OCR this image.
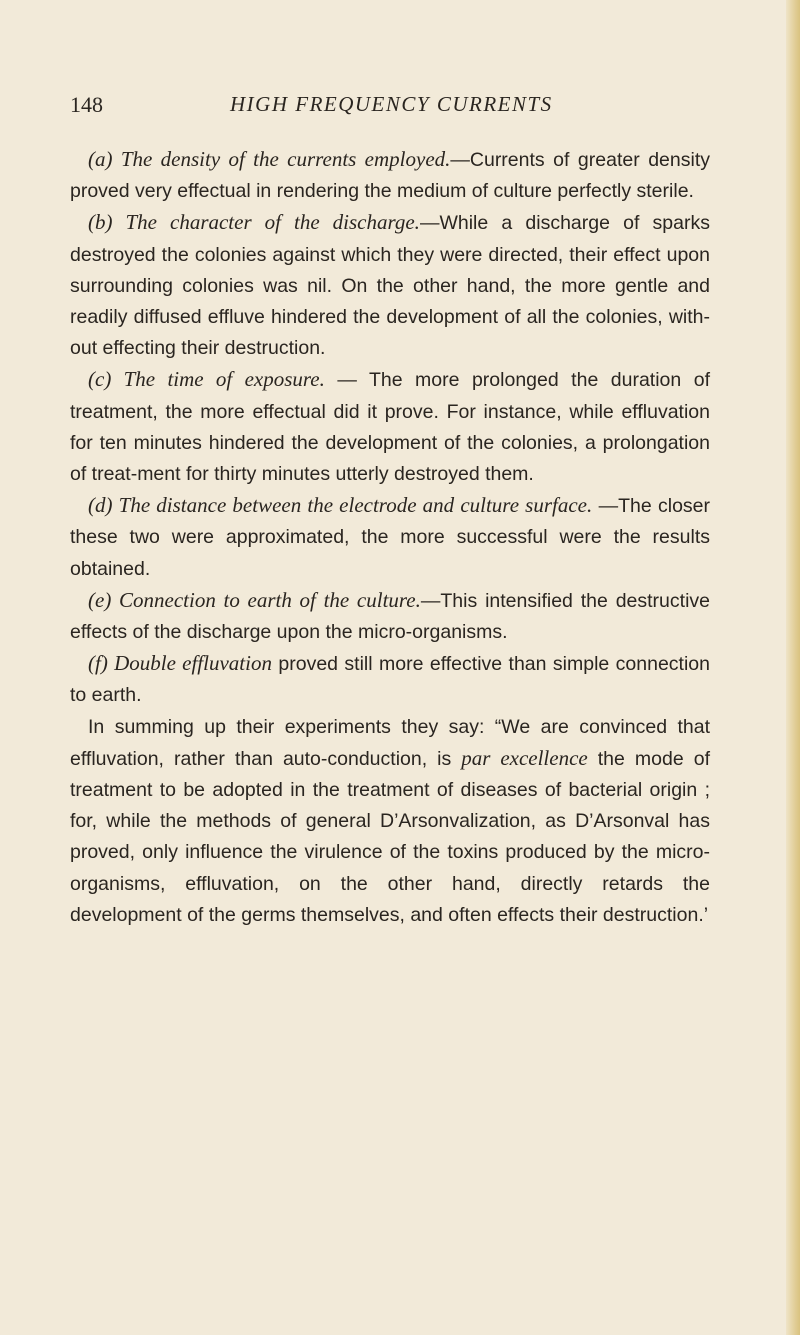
148	HIGH FREQUENCY CURRENTS

(a) The density of the currents employed.—Currents of greater density proved very effectual in rendering the medium of culture perfectly sterile.

(b) The character of the discharge.—While a discharge of sparks destroyed the colonies against which they were directed, their effect upon surrounding colonies was nil. On the other hand, the more gentle and readily diffused effluve hindered the development of all the colonies, with-out effecting their destruction.

(c) The time of exposure. — The more prolonged the duration of treatment, the more effectual did it prove. For instance, while effluvation for ten minutes hindered the development of the colonies, a prolongation of treat-ment for thirty minutes utterly destroyed them.

(d) The distance between the electrode and culture surface. —The closer these two were approximated, the more successful were the results obtained.

(e) Connection to earth of the culture.—This intensified the destructive effects of the discharge upon the micro-organisms.

(f) Double effluvation proved still more effective than simple connection to earth.

In summing up their experiments they say: “We are convinced that effluvation, rather than auto-conduction, is par excellence the mode of treatment to be adopted in the treatment of diseases of bacterial origin ; for, while the methods of general D’Arsonvalization, as D’Arsonval has proved, only influence the virulence of the toxins produced by the micro-organisms, effluvation, on the other hand, directly retards the development of the germs themselves, and often effects their destruction.’
